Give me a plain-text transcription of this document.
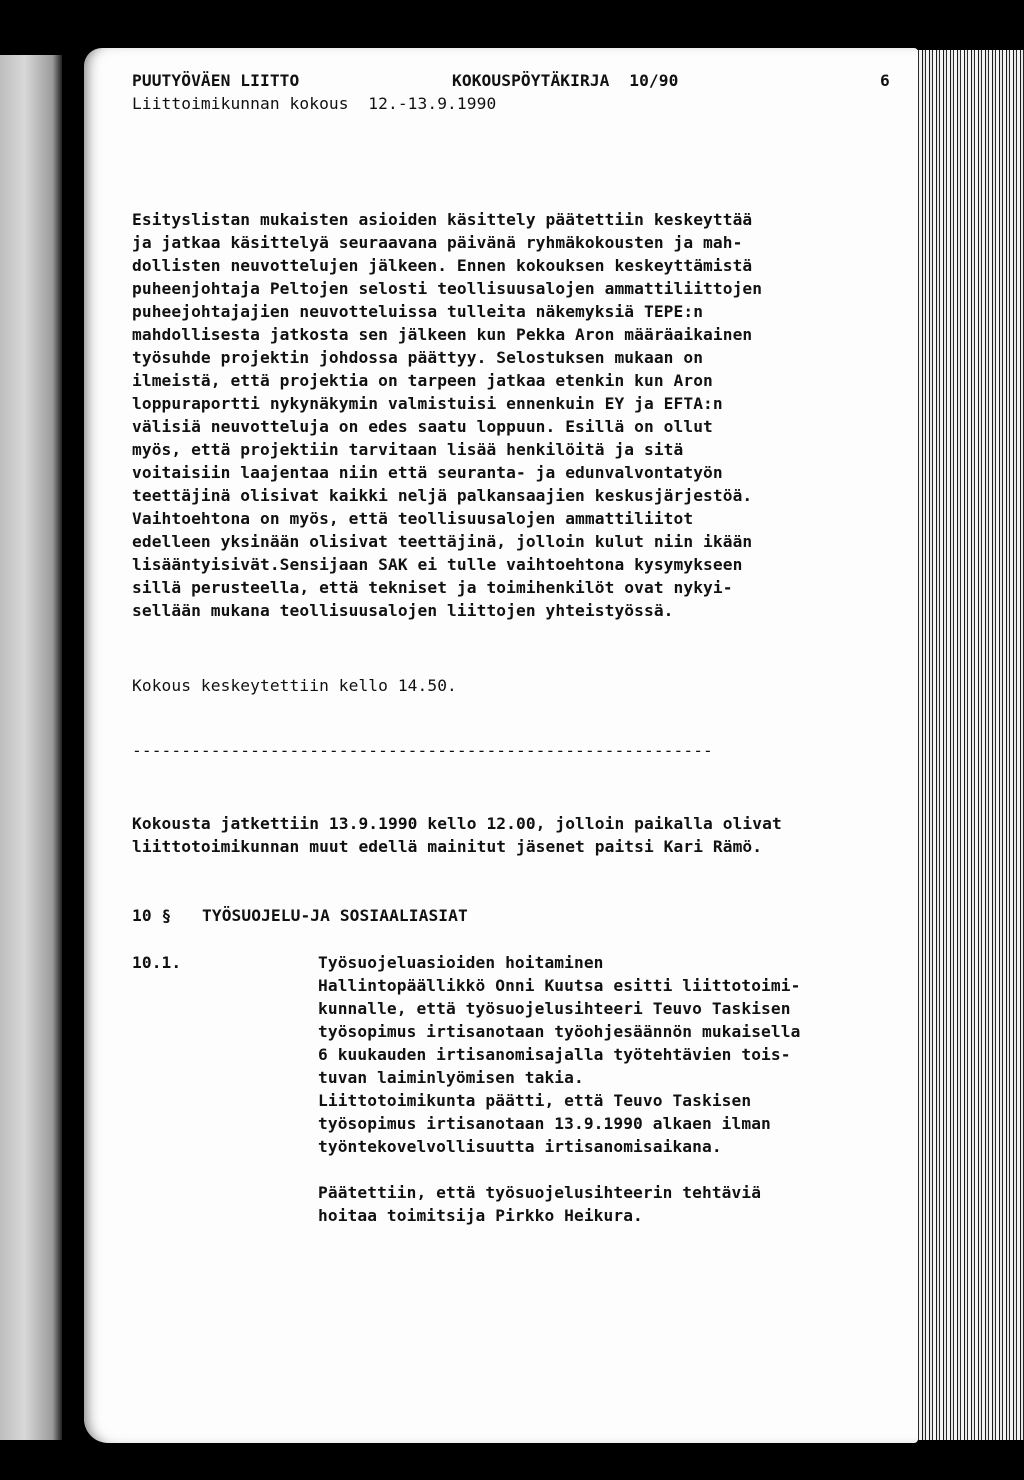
PUUTYÖVÄEN LIITTO	KOKOUSPÖYTÄKIRJA  10/90	6
Liittoimikunnan kokous  12.-13.9.1990
Esityslistan mukaisten asioiden käsittely päätettiin keskeyttää
ja jatkaa käsittelyä seuraavana päivänä ryhmäkokousten ja mah-
dollisten neuvottelujen jälkeen. Ennen kokouksen keskeyttämistä
puheenjohtaja Peltojen selosti teollisuusalojen ammattiliittojen
puheejohtajajien neuvotteluissa tulleita näkemyksiä TEPE:n
mahdollisesta jatkosta sen jälkeen kun Pekka Aron määräaikainen
työsuhde projektin johdossa päättyy. Selostuksen mukaan on
ilmeistä, että projektia on tarpeen jatkaa etenkin kun Aron
loppuraportti nykynäkymin valmistuisi ennenkuin EY ja EFTA:n
välisiä neuvotteluja on edes saatu loppuun. Esillä on ollut
myös, että projektiin tarvitaan lisää henkilöitä ja sitä
voitaisiin laajentaa niin että seuranta- ja edunvalvontatyön
teettäjinä olisivat kaikki neljä palkansaajien keskusjärjestöä.
Vaihtoehtona on myös, että teollisuusalojen ammattiliitot
edelleen yksinään olisivat teettäjinä, jolloin kulut niin ikään
lisääntyisivät.Sensijaan SAK ei tulle vaihtoehtona kysymykseen
sillä perusteella, että tekniset ja toimihenkilöt ovat nykyi-
sellään mukana teollisuusalojen liittojen yhteistyössä.
Kokous keskeytettiin kello 14.50.
-----------------------------------------------------------
Kokousta jatkettiin 13.9.1990 kello 12.00, jolloin paikalla olivat
liittotoimikunnan muut edellä mainitut jäsenet paitsi Kari Rämö.
10 § TYÖSUOJELU-JA SOSIAALIASIAT
10.1.	Työsuojeluasioiden hoitaminen
Hallintopäällikkö Onni Kuutsa esitti liittotoimi-
kunnalle, että työsuojelusihteeri Teuvo Taskisen
työsopimus irtisanotaan työohjesäännön mukaisella
6 kuukauden irtisanomisajalla työtehtävien tois-
tuvan laiminlyömisen takia.
Liittotoimikunta päätti, että Teuvo Taskisen
työsopimus irtisanotaan 13.9.1990 alkaen ilman
työntekovelvollisuutta irtisanomisaikana.
Päätettiin, että työsuojelusihteerin tehtäviä
hoitaa toimitsija Pirkko Heikura.
